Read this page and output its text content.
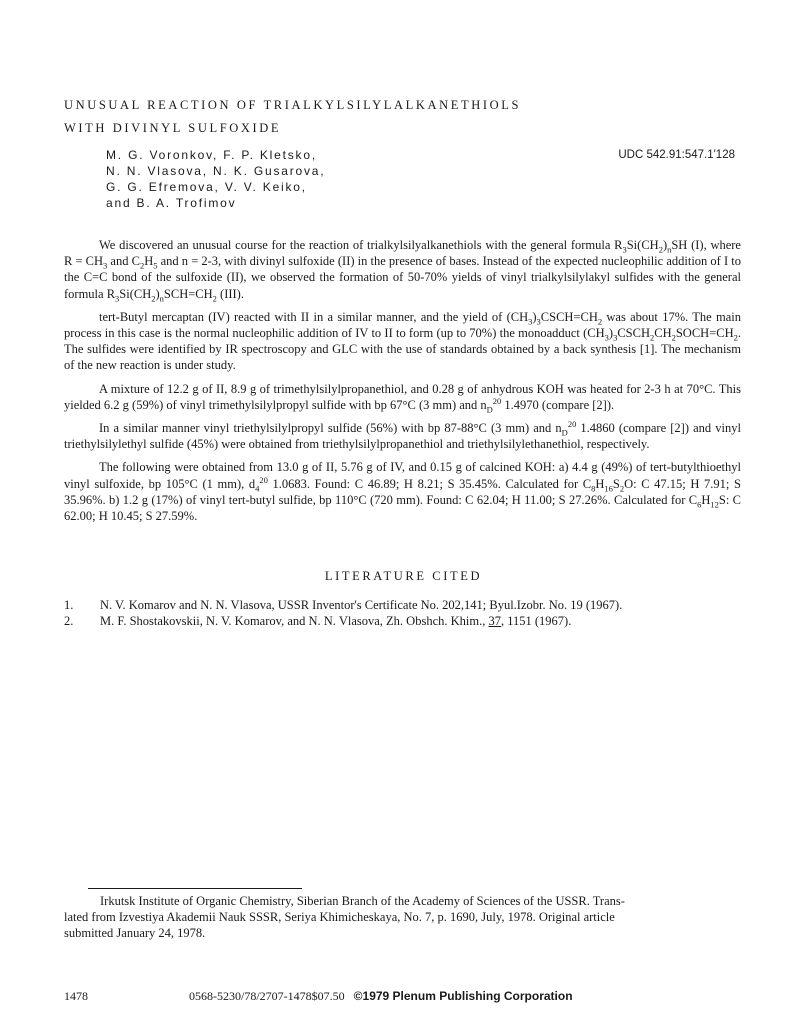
UNUSUAL REACTION OF TRIALKYLSILYLALKANETHIOLS
WITH DIVINYL SULFOXIDE
M. G. Voronkov, F. P. Kletsko,
N. N. Vlasova, N. K. Gusarova,
G. G. Efremova, V. V. Keiko,
and B. A. Trofimov
UDC 542.91:547.1'128

We discovered an unusual course for the reaction of trialkylsilyalkanethiols with the general formula $R_3Si(CH_2)_nSH$ (I), where $R = CH_3$ and $C_2H_5$ and n = 2-3, with divinyl sulfoxide (II) in the presence of bases. Instead of the expected nucleophilic addition of I to the C=C bond of the sulfoxide (II), we observed the formation of 50-70% yields of vinyl trialkylsilylakyl sulfides with the general formula $R_3Si(CH_2)_nSCH=CH_2$ (III).

tert-Butyl mercaptan (IV) reacted with II in a similar manner, and the yield of $(CH_3)_3CSCH=CH_2$ was about 17%. The main process in this case is the normal nucleophilic addition of IV to II to form (up to 70%) the monoadduct $(CH_3)_3CSCH_2CH_2SOCH=CH_2$. The sulfides were identified by IR spectroscopy and GLC with the use of standards obtained by a back synthesis [1]. The mechanism of the new reaction is under study.

A mixture of 12.2 g of II, 8.9 g of trimethylsilylpropanethiol, and 0.28 g of anhydrous KOH was heated for 2-3 h at 70°C. This yielded 6.2 g (59%) of vinyl trimethylsilylpropyl sulfide with bp 67°C (3 mm) and $n_D^{20}$ 1.4970 (compare [2]).

In a similar manner vinyl triethylsilylpropyl sulfide (56%) with bp 87-88°C (3 mm) and $n_D^{20}$ 1.4860 (compare [2]) and vinyl triethylsilylethyl sulfide (45%) were obtained from triethylsilylpropanethiol and triethylsilylethanethiol, respectively.

The following were obtained from 13.0 g of II, 5.76 g of IV, and 0.15 g of calcined KOH: a) 4.4 g (49%) of tert-butylthioethyl vinyl sulfoxide, bp 105°C (1 mm), $d_4^{20}$ 1.0683. Found: C 46.89; H 8.21; S 35.45%. Calculated for $C_8H_{16}S_2O$: C 47.15; H 7.91; S 35.96%. b) 1.2 g (17%) of vinyl tert-butyl sulfide, bp 110°C (720 mm). Found: C 62.04; H 11.00; S 27.26%. Calculated for $C_6H_{12}S$: C 62.00; H 10.45; S 27.59%.

LITERATURE CITED
1.	N. V. Komarov and N. N. Vlasova, USSR Inventor's Certificate No. 202,141; Byul.Izobr. No. 19 (1967).
2.	M. F. Shostakovskii, N. V. Komarov, and N. N. Vlasova, Zh. Obshch. Khim., 37, 1151 (1967).
Irkutsk Institute of Organic Chemistry, Siberian Branch of the Academy of Sciences of the USSR. Trans-
lated from Izvestiya Akademii Nauk SSSR, Seriya Khimicheskaya, No. 7, p. 1690, July, 1978. Original article
submitted January 24, 1978.
1478	0568-5230/78/2707-1478$07.50 ©1979 Plenum Publishing Corporation
